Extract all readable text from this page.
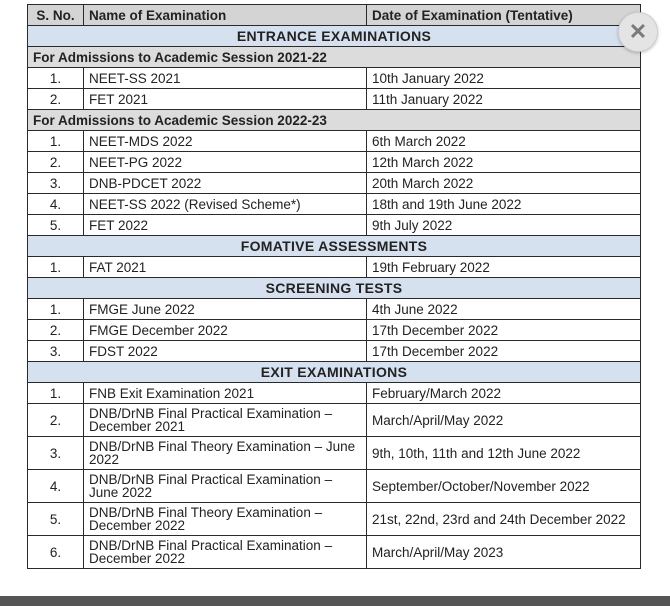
S. No.	Name of Examination	Date of Examination (Tentative)
ENTRANCE EXAMINATIONS		
For Admissions to Academic Session 2021-22		
1.	NEET-SS 2021	10th January 2022
2.	FET 2021	11th January 2022
For Admissions to Academic Session 2022-23		
1.	NEET-MDS 2022	6th March 2022
2.	NEET-PG 2022	12th March 2022
3.	DNB-PDCET 2022	20th March 2022
4.	NEET-SS 2022 (Revised Scheme*)	18th and 19th June 2022
5.	FET 2022	9th July 2022
FOMATIVE ASSESSMENTS		
1.	FAT 2021	19th February 2022
SCREENING TESTS		
1.	FMGE June 2022	4th June 2022
2.	FMGE December 2022	17th December 2022
3.	FDST 2022	17th December 2022
EXIT EXAMINATIONS		
1.	FNB Exit Examination 2021	February/March 2022
2.	DNB/DrNB Final Practical Examination – December 2021	March/April/May 2022
3.	DNB/DrNB Final Theory Examination – June 2022	9th, 10th, 11th and 12th June 2022
4.	DNB/DrNB Final Practical Examination – June 2022	September/October/November 2022
5.	DNB/DrNB Final Theory Examination – December 2022	21st, 22nd, 23rd and 24th December 2022
6.	DNB/DrNB Final Practical Examination – December 2022	March/April/May 2023
✕
